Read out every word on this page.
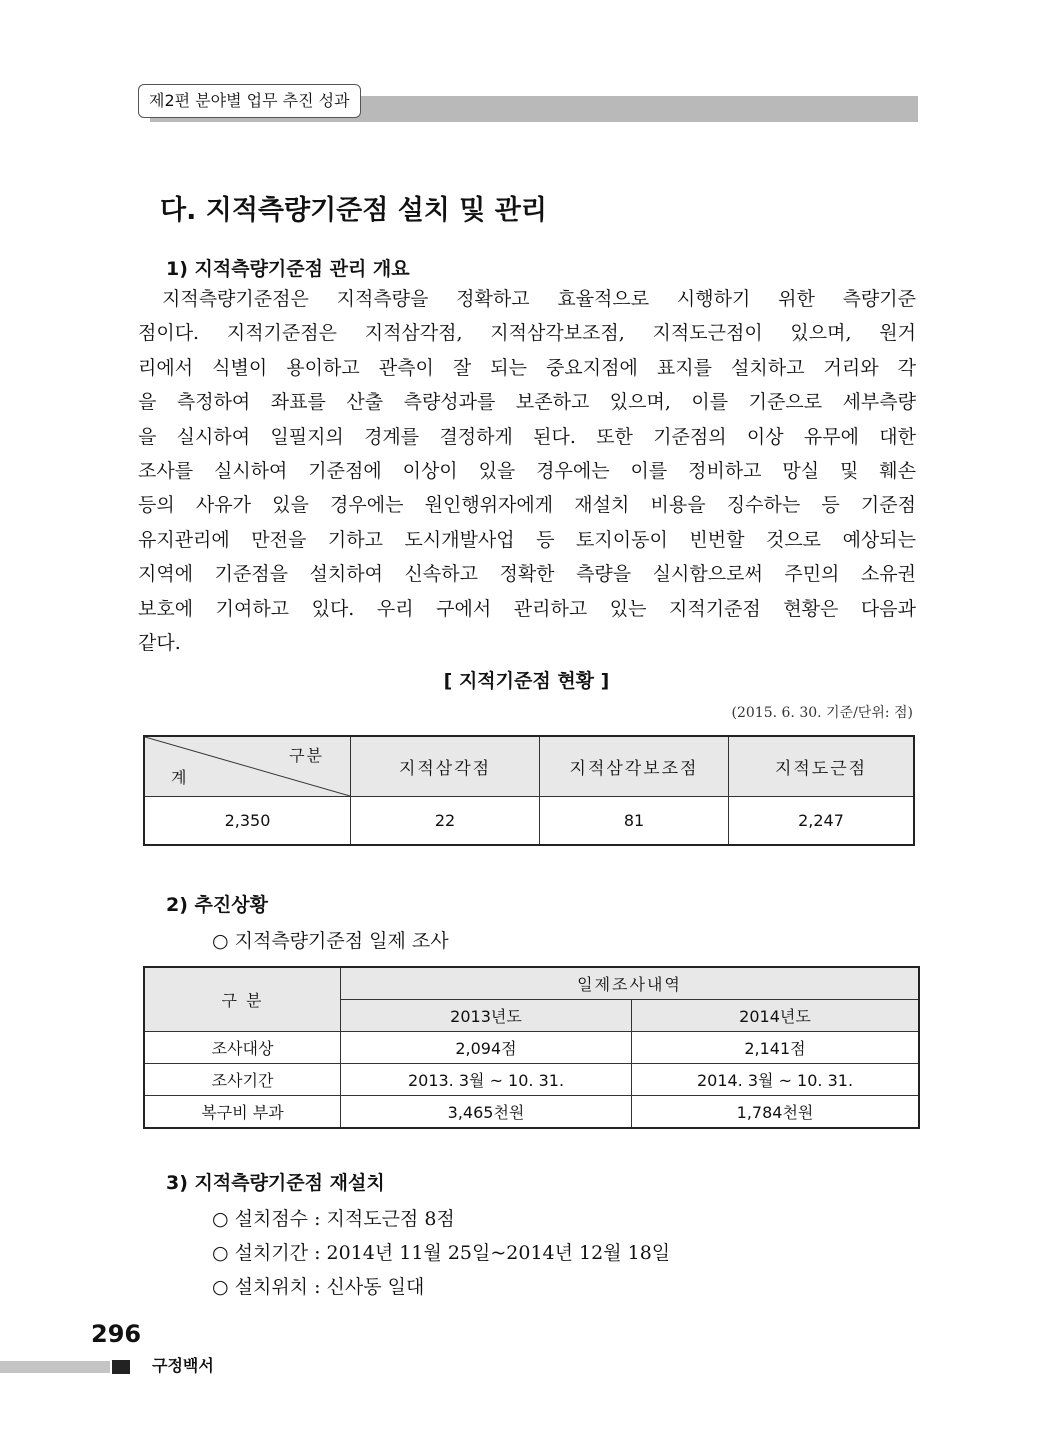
제2편 분야별 업무 추진 성과
다. 지적측량기준점 설치 및 관리
1) 지적측량기준점 관리 개요
지적측량기준점은 지적측량을 정확하고 효율적으로 시행하기 위한 측량기준
점이다. 지적기준점은 지적삼각점, 지적삼각보조점, 지적도근점이 있으며, 원거
리에서 식별이 용이하고 관측이 잘 되는 중요지점에 표지를 설치하고 거리와 각
을 측정하여 좌표를 산출 측량성과를 보존하고 있으며, 이를 기준으로 세부측량
을 실시하여 일필지의 경계를 결정하게 된다. 또한 기준점의 이상 유무에 대한
조사를 실시하여 기준점에 이상이 있을 경우에는 이를 정비하고 망실 및 훼손
등의 사유가 있을 경우에는 원인행위자에게 재설치 비용을 징수하는 등 기준점
유지관리에 만전을 기하고 도시개발사업 등 토지이동이 빈번할 것으로 예상되는
지역에 기준점을 설치하여 신속하고 정확한 측량을 실시함으로써 주민의 소유권
보호에 기여하고 있다. 우리 구에서 관리하고 있는 지적기준점 현황은 다음과
같다.
[ 지적기준점 현황 ]
(2015. 6. 30. 기준/단위: 점)
구분
계	지적삼각점	지적삼각보조점	지적도근점
2,350	22	81	2,247
2) 추진상황
○ 지적측량기준점 일제 조사
구 분	일제조사내역	
	2013년도	2014년도
조사대상	2,094점	2,141점
조사기간	2013. 3월 ~ 10. 31.	2014. 3월 ~ 10. 31.
복구비 부과	3,465천원	1,784천원
3) 지적측량기준점 재설치
○ 설치점수 : 지적도근점 8점
○ 설치기간 : 2014년 11월 25일~2014년 12월 18일
○ 설치위치 : 신사동 일대
296
구정백서
